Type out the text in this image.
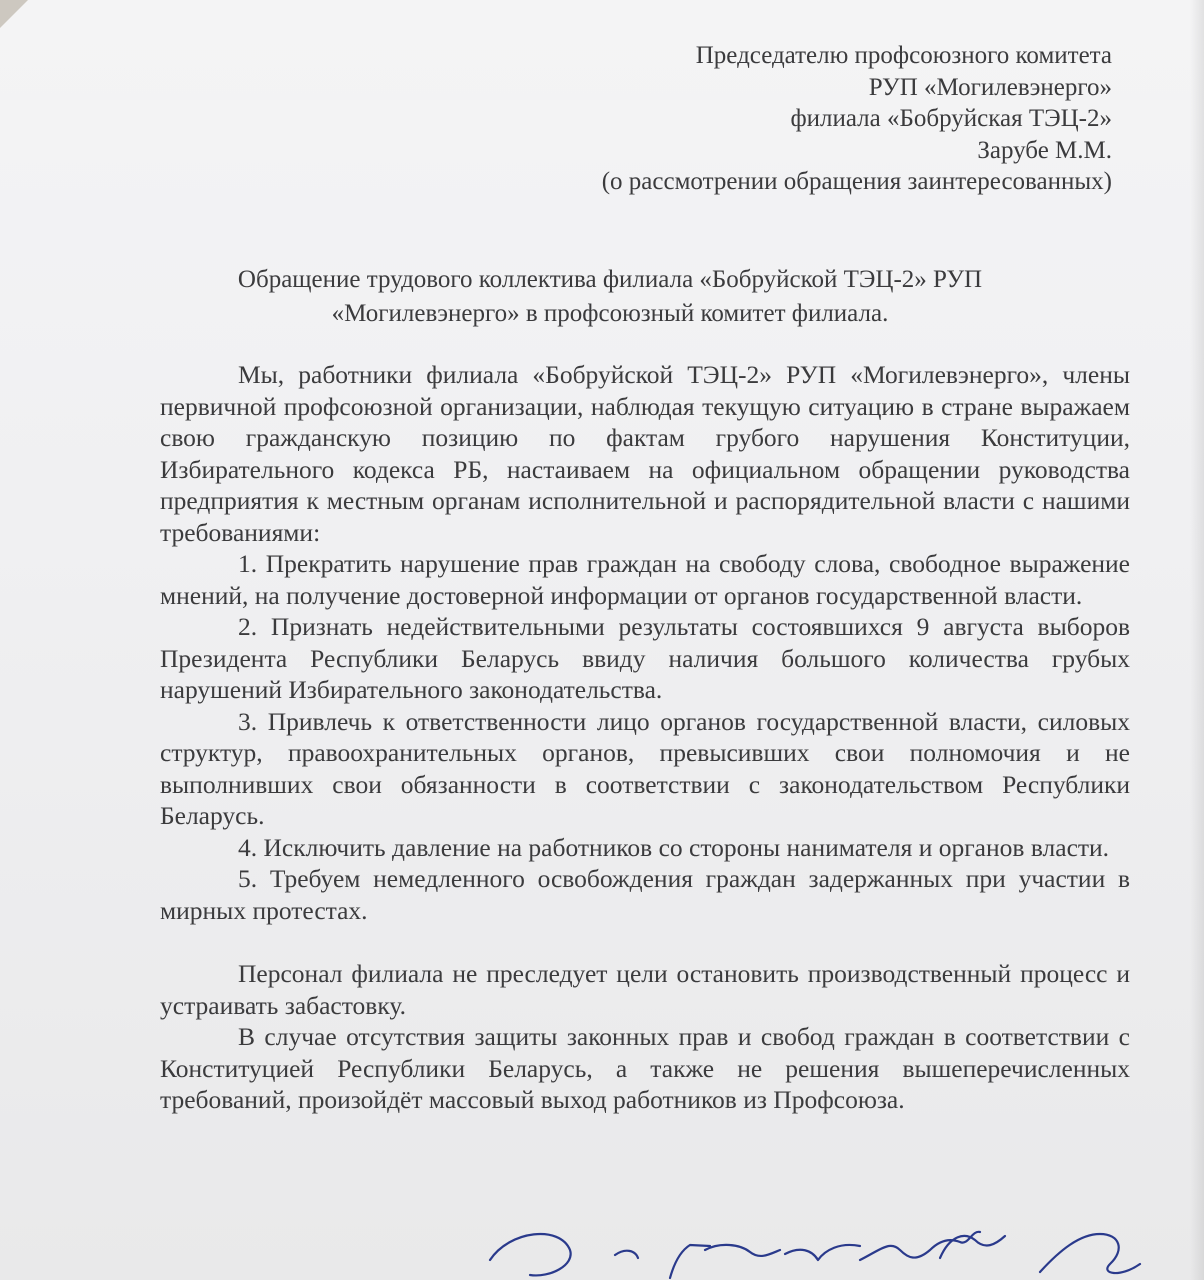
Председателю профсоюзного комитета
РУП «Могилевэнерго»
филиала «Бобруйская ТЭЦ-2»
Зарубе М.М.
(о рассмотрении обращения заинтересованных)
Обращение трудового коллектива филиала «Бобруйской ТЭЦ-2» РУП «Могилевэнерго» в профсоюзный комитет филиала.

Мы, работники филиала «Бобруйской ТЭЦ-2» РУП «Могилевэнерго», члены первичной профсоюзной организации, наблюдая текущую ситуацию в стране выражаем свою гражданскую позицию по фактам грубого нарушения Конституции, Избирательного кодекса РБ, настаиваем на официальном обращении руководства предприятия к местным органам исполнительной и распорядительной власти с нашими требованиями:

1. Прекратить нарушение прав граждан на свободу слова, свободное выражение мнений, на получение достоверной информации от органов государственной власти.
2. Признать недействительными результаты состоявшихся 9 августа выборов Президента Республики Беларусь ввиду наличия большого количества грубых нарушений Избирательного законодательства.
3. Привлечь к ответственности лицо органов государственной власти, силовых структур, правоохранительных органов, превысивших свои полномочия и не выполнивших свои обязанности в соответствии с законодательством Республики Беларусь.
4. Исключить давление на работников со стороны нанимателя и органов власти.
5. Требуем немедленного освобождения граждан задержанных при участии в мирных протестах.

Персонал филиала не преследует цели остановить производственный процесс и устраивать забастовку.

В случае отсутствия защиты законных прав и свобод граждан в соответствии с Конституцией Республики Беларусь, а также не решения вышеперечисленных требований, произойдёт массовый выход работников из Профсоюза.
